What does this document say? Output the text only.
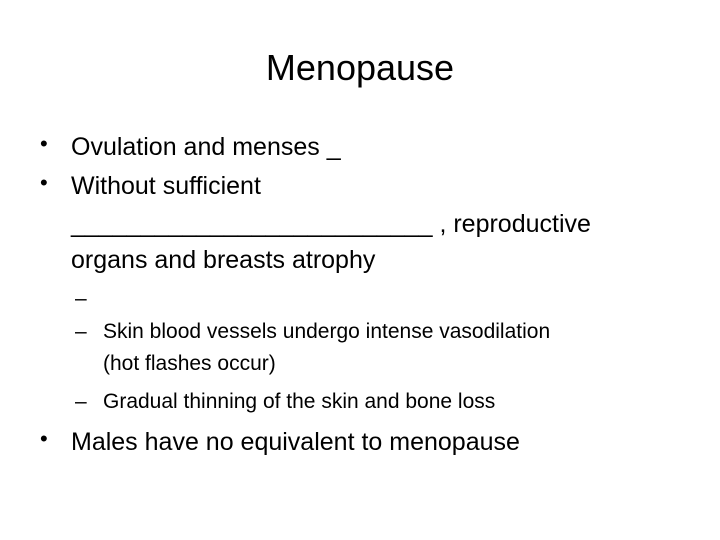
Menopause
• Ovulation and menses _
• Without sufficient
__________________________ , reproductive
organs and breasts atrophy
–
– Skin blood vessels undergo intense vasodilation
(hot flashes occur)
– Gradual thinning of the skin and bone loss
• Males have no equivalent to menopause
